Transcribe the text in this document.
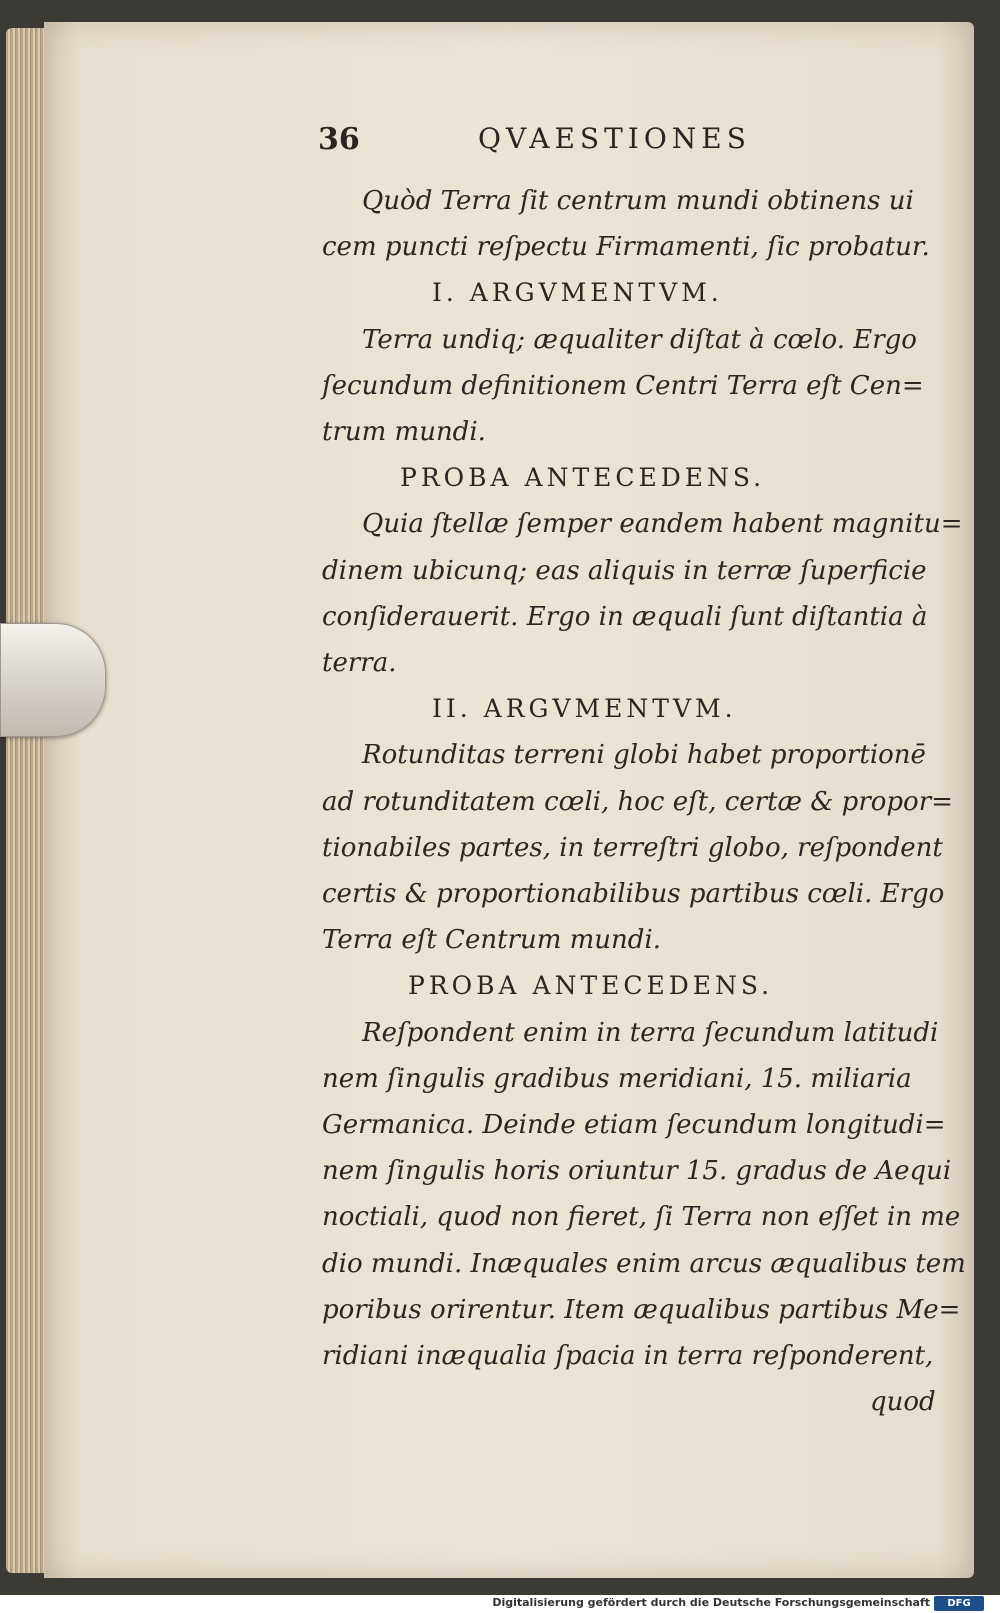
36	QVAESTIONES
Quòd Terra ſit centrum mundi obtinens ui
cem puncti reſpectu Firmamenti, ſic probatur.
I. ARGVMENTVM.
Terra undiq; æqualiter diſtat à cœlo. Ergo
ſecundum definitionem Centri Terra eſt Cen=
trum mundi.
PROBA ANTECEDENS.
Quia ſtellæ ſemper eandem habent magnitu=
dinem ubicunq; eas aliquis in terræ ſuperficie
conſiderauerit. Ergo in æquali ſunt diſtantia à
terra.
II. ARGVMENTVM.
Rotunditas terreni globi habet proportionē
ad rotunditatem cœli, hoc eſt, certæ & propor=
tionabiles partes, in terreſtri globo, reſpondent
certis & proportionabilibus partibus cœli. Ergo
Terra eſt Centrum mundi.
PROBA ANTECEDENS.
Reſpondent enim in terra ſecundum latitudi
nem ſingulis gradibus meridiani, 15. miliaria
Germanica. Deinde etiam ſecundum longitudi=
nem ſingulis horis oriuntur 15. gradus de Aequi
noctiali, quod non fieret, ſi Terra non eſſet in me
dio mundi. Inæquales enim arcus æqualibus tem
poribus orirentur. Item æqualibus partibus Me=
ridiani inæqualia ſpacia in terra reſponderent,
quod
Digitalisierung gefördert durch die Deutsche Forschungsgemeinschaft	DFG
